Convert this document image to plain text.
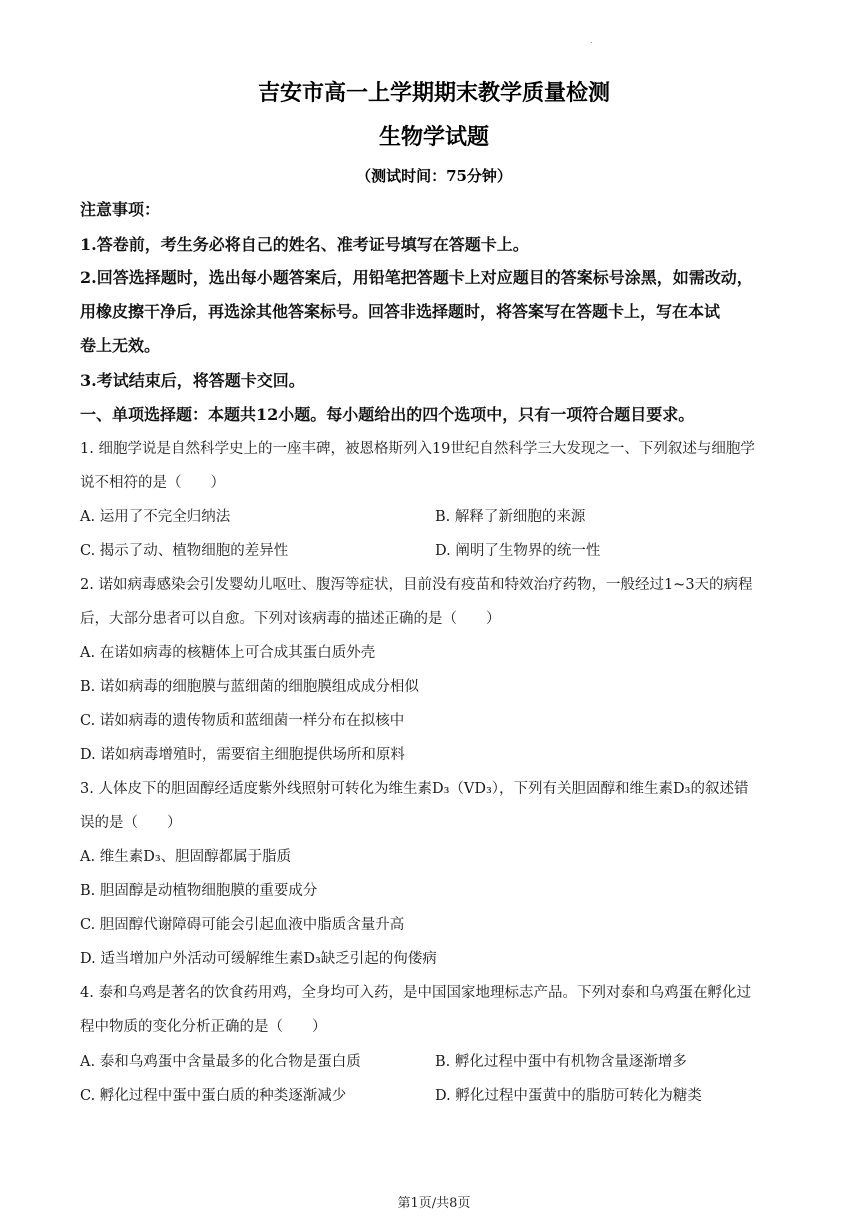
.
吉安市高一上学期期末教学质量检测
生物学试题
（测试时间：75分钟）
注意事项：
1.答卷前，考生务必将自己的姓名、准考证号填写在答题卡上。
2.回答选择题时，选出每小题答案后，用铅笔把答题卡上对应题目的答案标号涂黑，如需改动，
用橡皮擦干净后，再选涂其他答案标号。回答非选择题时，将答案写在答题卡上，写在本试
卷上无效。
3.考试结束后，将答题卡交回。
一、单项选择题：本题共12小题。每小题给出的四个选项中，只有一项符合题目要求。
1. 细胞学说是自然科学史上的一座丰碑，被恩格斯列入19世纪自然科学三大发现之一、下列叙述与细胞学
说不相符的是（　　）
A. 运用了不完全归纳法	B. 解释了新细胞的来源
C. 揭示了动、植物细胞的差异性	D. 阐明了生物界的统一性
2. 诺如病毒感染会引发婴幼儿呕吐、腹泻等症状，目前没有疫苗和特效治疗药物，一般经过1~3天的病程
后，大部分患者可以自愈。下列对该病毒的描述正确的是（　　）
A. 在诺如病毒的核糖体上可合成其蛋白质外壳
B. 诺如病毒的细胞膜与蓝细菌的细胞膜组成成分相似
C. 诺如病毒的遗传物质和蓝细菌一样分布在拟核中
D. 诺如病毒增殖时，需要宿主细胞提供场所和原料
3. 人体皮下的胆固醇经适度紫外线照射可转化为维生素D₃（VD₃），下列有关胆固醇和维生素D₃的叙述错
误的是（　　）
A. 维生素D₃、胆固醇都属于脂质
B. 胆固醇是动植物细胞膜的重要成分
C. 胆固醇代谢障碍可能会引起血液中脂质含量升高
D. 适当增加户外活动可缓解维生素D₃缺乏引起的佝偻病
4. 泰和乌鸡是著名的饮食药用鸡，全身均可入药，是中国国家地理标志产品。下列对泰和乌鸡蛋在孵化过
程中物质的变化分析正确的是（　　）
A. 泰和乌鸡蛋中含量最多的化合物是蛋白质	B. 孵化过程中蛋中有机物含量逐渐增多
C. 孵化过程中蛋中蛋白质的种类逐渐减少	D. 孵化过程中蛋黄中的脂肪可转化为糖类
第1页/共8页
